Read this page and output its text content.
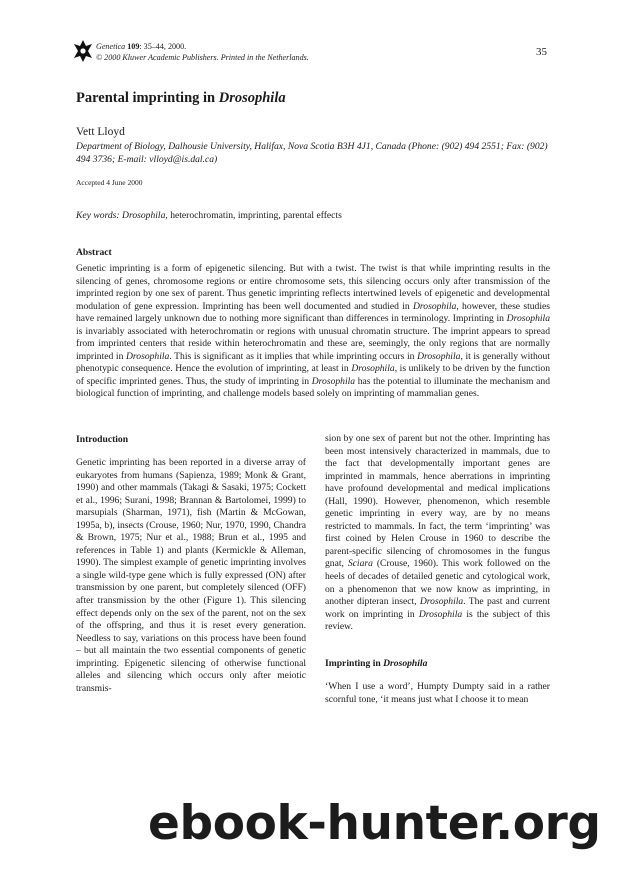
Genetica 109: 35–44, 2000.
© 2000 Kluwer Academic Publishers. Printed in the Netherlands.	35
Parental imprinting in Drosophila
Vett Lloyd
Department of Biology, Dalhousie University, Halifax, Nova Scotia B3H 4J1, Canada (Phone: (902) 494 2551; Fax: (902) 494 3736; E-mail: vlloyd@is.dal.ca)
Accepted 4 June 2000
Key words: Drosophila, heterochromatin, imprinting, parental effects
Abstract
Genetic imprinting is a form of epigenetic silencing. But with a twist. The twist is that while imprinting results in the silencing of genes, chromosome regions or entire chromosome sets, this silencing occurs only after transmission of the imprinted region by one sex of parent. Thus genetic imprinting reflects intertwined levels of epigenetic and developmental modulation of gene expression. Imprinting has been well documented and studied in Drosophila, however, these studies have remained largely unknown due to nothing more significant than differences in terminology. Imprinting in Drosophila is invariably associated with heterochromatin or regions with unusual chromatin structure. The imprint appears to spread from imprinted centers that reside within heterochromatin and these are, seemingly, the only regions that are normally imprinted in Drosophila. This is significant as it implies that while imprinting occurs in Drosophila, it is generally without phenotypic consequence. Hence the evolution of imprinting, at least in Drosophila, is unlikely to be driven by the function of specific imprinted genes. Thus, the study of imprinting in Drosophila has the potential to illuminate the mechanism and biological function of imprinting, and challenge models based solely on imprinting of mammalian genes.
Introduction
Genetic imprinting has been reported in a diverse array of eukaryotes from humans (Sapienza, 1989; Monk & Grant, 1990) and other mammals (Takagi & Sasaki, 1975; Cockett et al., 1996; Surani, 1998; Brannan & Bartolomei, 1999) to marsupials (Sharman, 1971), fish (Martin & McGowan, 1995a, b), insects (Crouse, 1960; Nur, 1970, 1990, Chandra & Brown, 1975; Nur et al., 1988; Brun et al., 1995 and references in Table 1) and plants (Kermickle & Alleman, 1990). The simplest example of genetic imprinting involves a single wild-type gene which is fully expressed (ON) after transmission by one parent, but completely silenced (OFF) after transmission by the other (Figure 1). This silencing effect depends only on the sex of the parent, not on the sex of the offspring, and thus it is reset every generation. Needless to say, variations on this process have been found – but all maintain the two essential components of genetic imprinting. Epigenetic silencing of otherwise functional alleles and silencing which occurs only after meiotic transmis-
sion by one sex of parent but not the other. Imprinting has been most intensively characterized in mammals, due to the fact that developmentally important genes are imprinted in mammals, hence aberrations in imprinting have profound developmental and medical implications (Hall, 1990). However, phenomenon, which resemble genetic imprinting in every way, are by no means restricted to mammals. In fact, the term ‘imprinting’ was first coined by Helen Crouse in 1960 to describe the parent-specific silencing of chromosomes in the fungus gnat, Sciara (Crouse, 1960). This work followed on the heels of decades of detailed genetic and cytological work, on a phenomenon that we now know as imprinting, in another dipteran insect, Drosophila. The past and current work on imprinting in Drosophila is the subject of this review.
Imprinting in Drosophila
‘When I use a word’, Humpty Dumpty said in a rather scornful tone, ‘it means just what I choose it to mean
ebook-hunter.org
